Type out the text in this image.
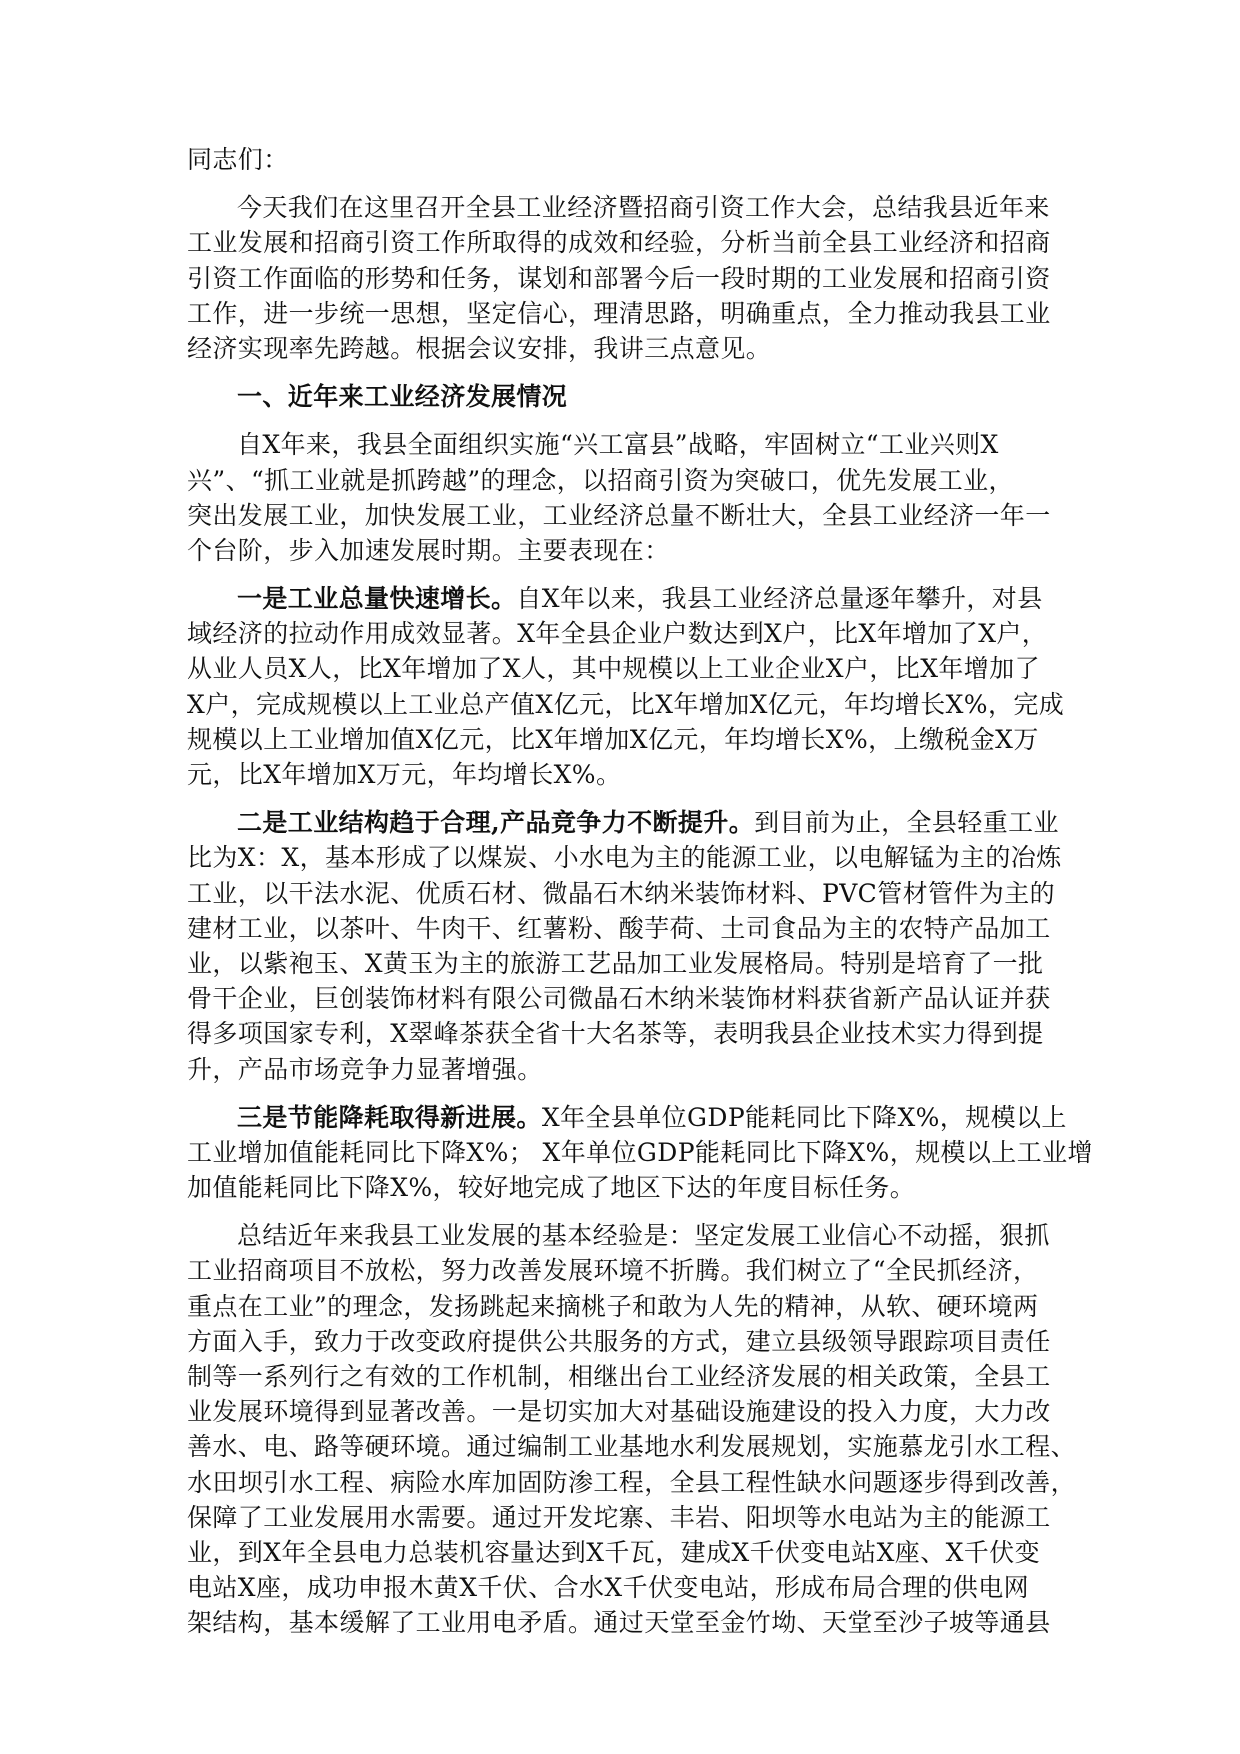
同志们：
今天我们在这里召开全县工业经济暨招商引资工作大会，总结我县近年来
工业发展和招商引资工作所取得的成效和经验，分析当前全县工业经济和招商
引资工作面临的形势和任务，谋划和部署今后一段时期的工业发展和招商引资
工作，进一步统一思想，坚定信心，理清思路，明确重点，全力推动我县工业
经济实现率先跨越。根据会议安排，我讲三点意见。
一、近年来工业经济发展情况
自X年来，我县全面组织实施“兴工富县”战略，牢固树立“工业兴则X
兴”、“抓工业就是抓跨越”的理念，以招商引资为突破口，优先发展工业，
突出发展工业，加快发展工业，工业经济总量不断壮大，全县工业经济一年一
个台阶，步入加速发展时期。主要表现在：
一是工业总量快速增长。自X年以来，我县工业经济总量逐年攀升，对县
域经济的拉动作用成效显著。X年全县企业户数达到X户，比X年增加了X户，
从业人员X人，比X年增加了X人，其中规模以上工业企业X户，比X年增加了
X户，完成规模以上工业总产值X亿元，比X年增加X亿元，年均增长X%，完成
规模以上工业增加值X亿元，比X年增加X亿元，年均增长X%，上缴税金X万
元，比X年增加X万元，年均增长X%。
二是工业结构趋于合理,产品竞争力不断提升。到目前为止，全县轻重工业
比为X：X，基本形成了以煤炭、小水电为主的能源工业，以电解锰为主的冶炼
工业，以干法水泥、优质石材、微晶石木纳米装饰材料、PVC管材管件为主的
建材工业，以茶叶、牛肉干、红薯粉、酸芋荷、土司食品为主的农特产品加工
业，以紫袍玉、X黄玉为主的旅游工艺品加工业发展格局。特别是培育了一批
骨干企业，巨创装饰材料有限公司微晶石木纳米装饰材料获省新产品认证并获
得多项国家专利，X翠峰茶获全省十大名茶等，表明我县企业技术实力得到提
升，产品市场竞争力显著增强。
三是节能降耗取得新进展。X年全县单位GDP能耗同比下降X%，规模以上
工业增加值能耗同比下降X%； X年单位GDP能耗同比下降X%，规模以上工业增
加值能耗同比下降X%，较好地完成了地区下达的年度目标任务。
总结近年来我县工业发展的基本经验是：坚定发展工业信心不动摇，狠抓
工业招商项目不放松，努力改善发展环境不折腾。我们树立了“全民抓经济，
重点在工业”的理念，发扬跳起来摘桃子和敢为人先的精神，从软、硬环境两
方面入手，致力于改变政府提供公共服务的方式，建立县级领导跟踪项目责任
制等一系列行之有效的工作机制，相继出台工业经济发展的相关政策，全县工
业发展环境得到显著改善。一是切实加大对基础设施建设的投入力度，大力改
善水、电、路等硬环境。通过编制工业基地水利发展规划，实施慕龙引水工程、
水田坝引水工程、病险水库加固防渗工程，全县工程性缺水问题逐步得到改善，
保障了工业发展用水需要。通过开发坨寨、丰岩、阳坝等水电站为主的能源工
业，到X年全县电力总装机容量达到X千瓦，建成X千伏变电站X座、X千伏变
电站X座，成功申报木黄X千伏、合水X千伏变电站，形成布局合理的供电网
架结构，基本缓解了工业用电矛盾。通过天堂至金竹坳、天堂至沙子坡等通县
